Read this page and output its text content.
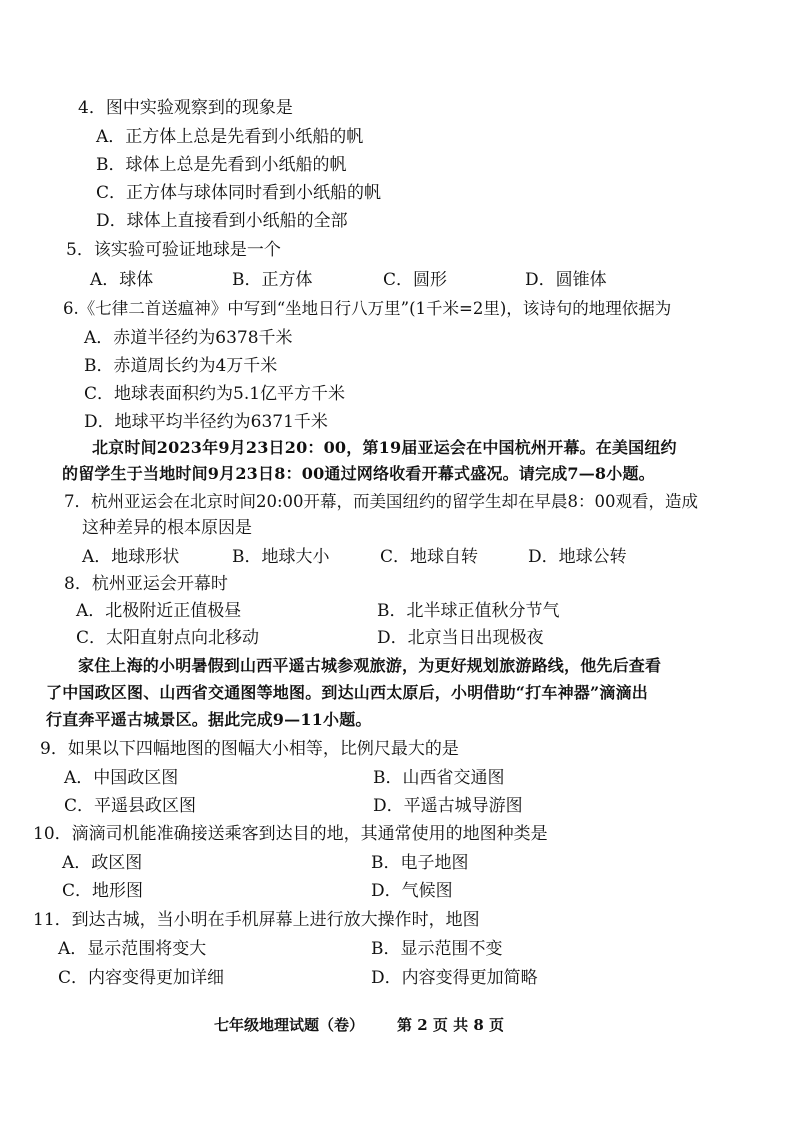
4．图中实验观察到的现象是
A．正方体上总是先看到小纸船的帆
B．球体上总是先看到小纸船的帆
C．正方体与球体同时看到小纸船的帆
D．球体上直接看到小纸船的全部
5．该实验可验证地球是一个
A．球体	B．正方体	C．圆形	D．圆锥体
6.《七律二首送瘟神》中写到“坐地日行八万里”(1千米=2里)，该诗句的地理依据为
A．赤道半径约为6378千米
B．赤道周长约为4万千米
C．地球表面积约为5.1亿平方千米
D．地球平均半径约为6371千米
北京时间2023年9月23日20：00，第19届亚运会在中国杭州开幕。在美国纽约
的留学生于当地时间9月23日8：00通过网络收看开幕式盛况。请完成7—8小题。
7．杭州亚运会在北京时间20:00开幕，而美国纽约的留学生却在早晨8：00观看，造成
这种差异的根本原因是
A．地球形状	B．地球大小	C．地球自转	D．地球公转
8．杭州亚运会开幕时
A．北极附近正值极昼	B．北半球正值秋分节气
C．太阳直射点向北移动	D．北京当日出现极夜
家住上海的小明暑假到山西平遥古城参观旅游，为更好规划旅游路线，他先后查看
了中国政区图、山西省交通图等地图。到达山西太原后，小明借助“打车神器”滴滴出
行直奔平遥古城景区。据此完成9—11小题。
9．如果以下四幅地图的图幅大小相等，比例尺最大的是
A．中国政区图	B．山西省交通图
C．平遥县政区图	D．平遥古城导游图
10．滴滴司机能准确接送乘客到达目的地，其通常使用的地图种类是
A．政区图	B．电子地图
C．地形图	D．气候图
11．到达古城，当小明在手机屏幕上进行放大操作时，地图
A．显示范围将变大	B．显示范围不变
C．内容变得更加详细	D．内容变得更加简略
七年级地理试题（卷） 第 2 页 共 8 页
